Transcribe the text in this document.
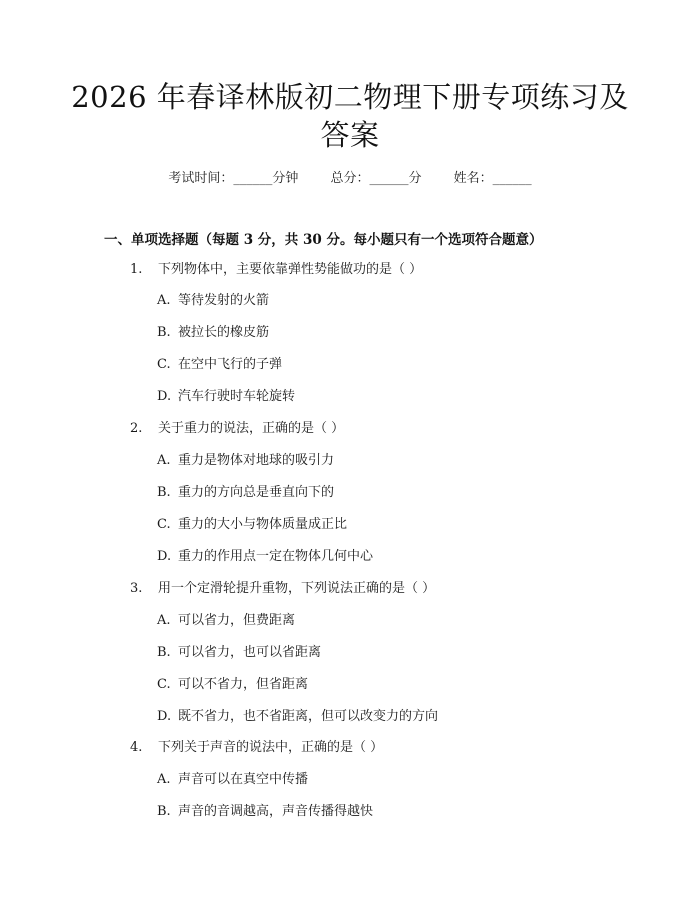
2026 年春译林版初二物理下册专项练习及答案
考试时间：______分钟 总分：______分 姓名：______
一、单项选择题（每题 3 分，共 30 分。每小题只有一个选项符合题意）
1. 下列物体中，主要依靠弹性势能做功的是（ ）
A. 等待发射的火箭
B. 被拉长的橡皮筋
C. 在空中飞行的子弹
D. 汽车行驶时车轮旋转
2. 关于重力的说法，正确的是（ ）
A. 重力是物体对地球的吸引力
B. 重力的方向总是垂直向下的
C. 重力的大小与物体质量成正比
D. 重力的作用点一定在物体几何中心
3. 用一个定滑轮提升重物，下列说法正确的是（ ）
A. 可以省力，但费距离
B. 可以省力，也可以省距离
C. 可以不省力，但省距离
D. 既不省力，也不省距离，但可以改变力的方向
4. 下列关于声音的说法中，正确的是（ ）
A. 声音可以在真空中传播
B. 声音的音调越高，声音传播得越快
